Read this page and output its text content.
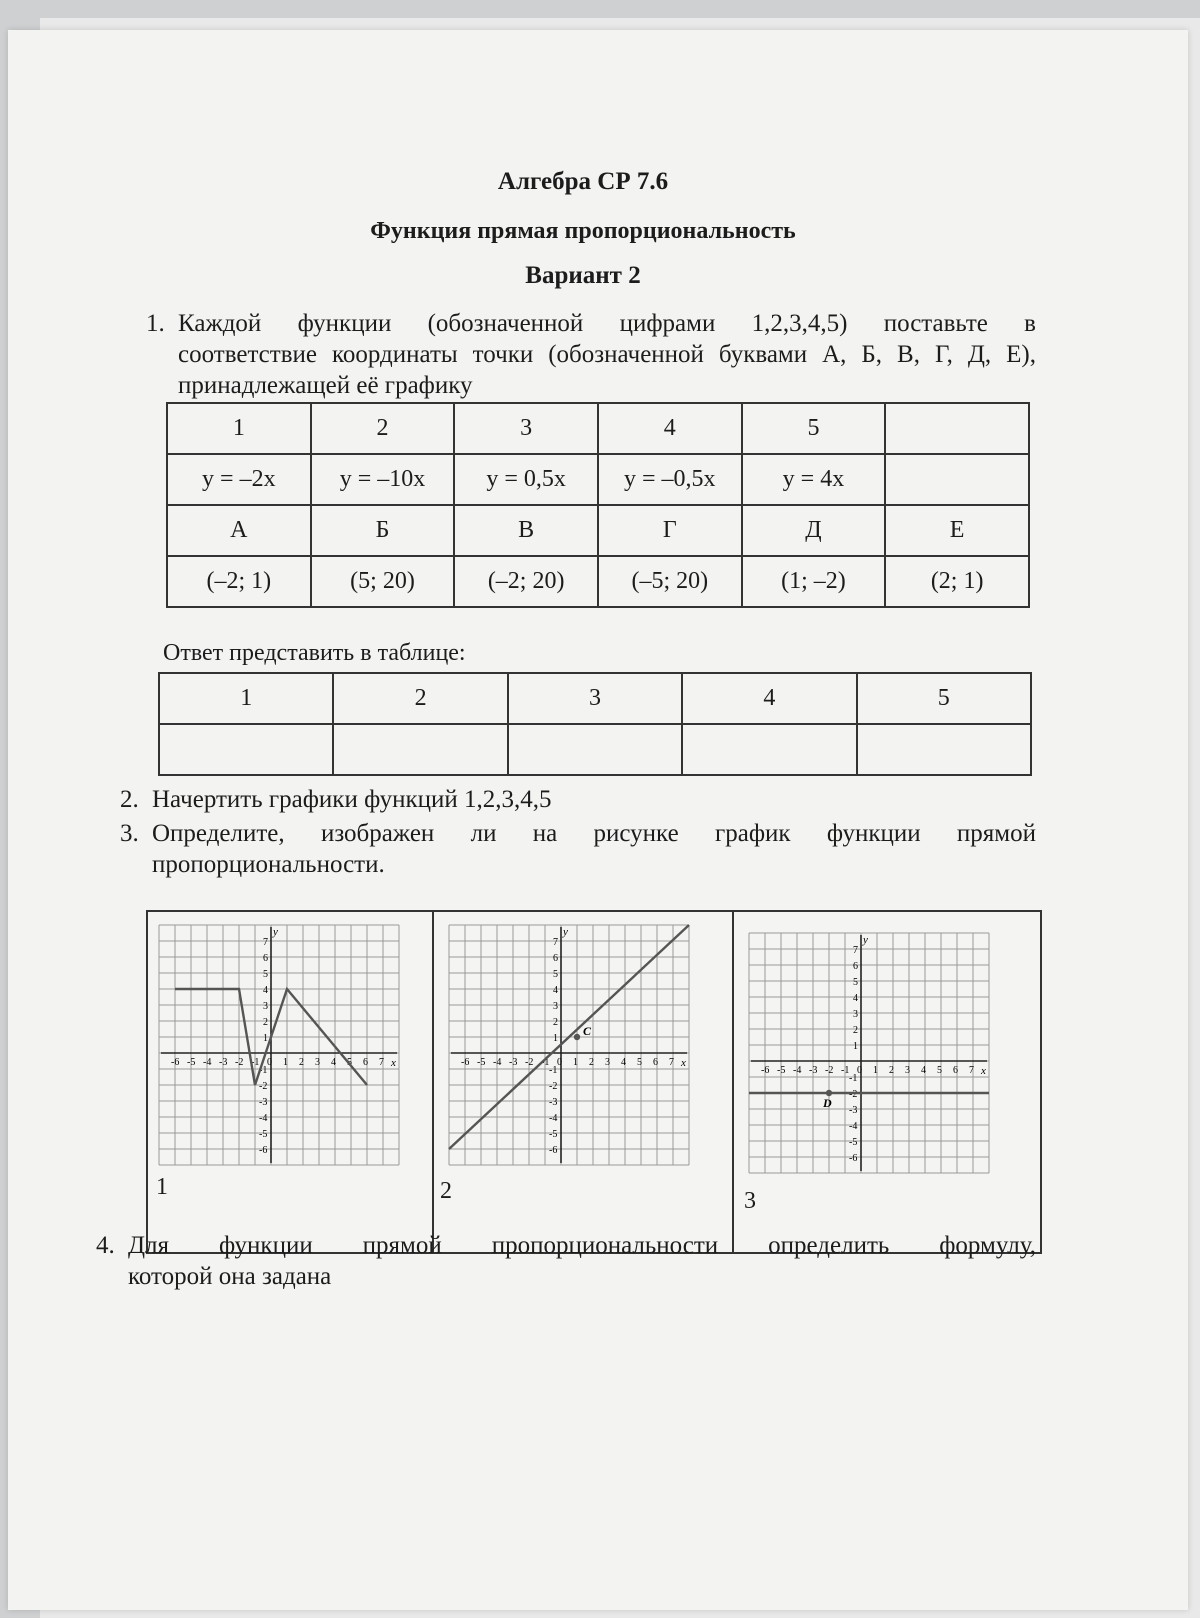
Алгебра СР 7.6
Функция прямая пропорциональность
Вариант 2
1. Каждой функции (обозначенной цифрами 1,2,3,4,5) поставьте в
соответствие координаты точки (обозначенной буквами А, Б, В, Г, Д, Е),
принадлежащей её графику
1	2	3	4	5	
y = –2x	y = –10x	y = 0,5x	y = –0,5x	y = 4x	
А	Б	В	Г	Д	Е
(–2; 1)	(5; 20)	(–2; 20)	(–5; 20)	(1; –2)	(2; 1)
Ответ представить в таблице:
1	2	3	4	5

2. Начертить графики функций 1,2,3,4,5
3. Определите, изображен ли на рисунке график функции прямой
пропорциональности.
x
y
-6 -5 -4 -3 -2 -1 0 1 2 3 4 5 6 7
7
6
5
4
3
2
1
-1
-2
-3
-4
-5
-6
x
y
-6 -5 -4 -3 -2 -1 0 1 2 3 4 5 6 7
7
6
5
4
3
2
1
-1
-2
-3
-4
-5
-6
C
x
y
-6 -5 -4 -3 -2 -1 0 1 2 3 4 5 6 7
7
6
5
4
3
2
1
-1
-2
-3
-4
-5
-6
D
1	2	3
4. Для функции прямой пропорциональности определить формулу,
которой она задана
